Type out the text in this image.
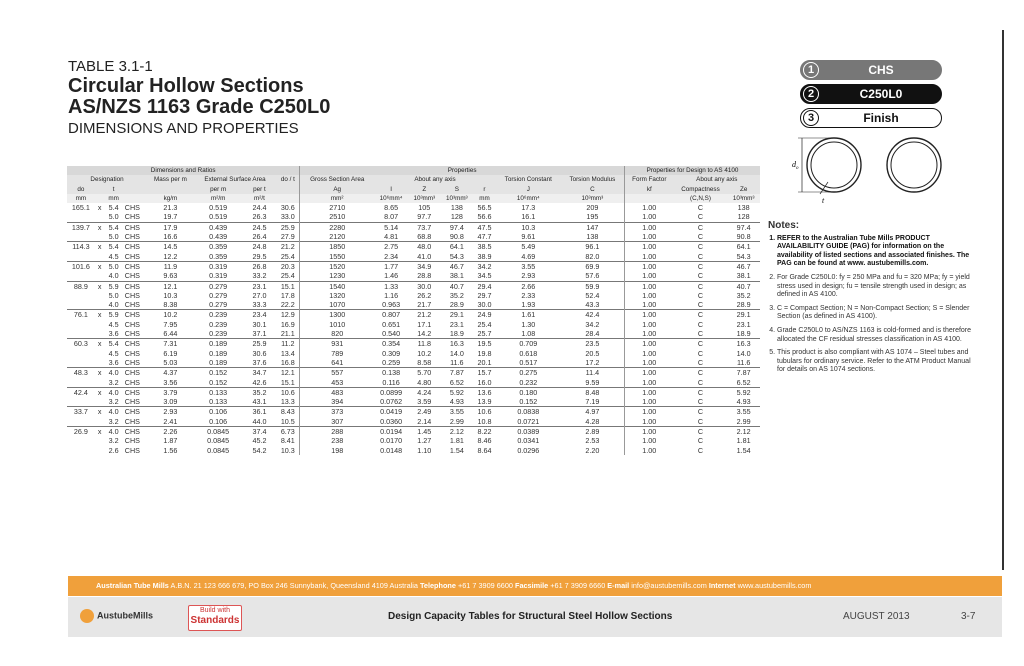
TABLE 3.1-1
Circular Hollow Sections
AS/NZS 1163 Grade C250L0
DIMENSIONS AND PROPERTIES
1	CHS
2	C250L0
3	Finish
$d_o$
t
Notes:
1. REFER to the Australian Tube Mills PRODUCT AVAILABILITY GUIDE (PAG) for information on the availability of listed sections and associated finishes. The PAG can be found at www. austubemills.com.
2. For Grade C250L0: fy = 250 MPa and fu = 320 MPa; fy = yield stress used in design; fu = tensile strength used in design; as defined in AS 4100.
3. C = Compact Section; N = Non-Compact Section; S = Slender Section (as defined in AS 4100).
4. Grade C250L0 to AS/NZS 1163 is cold-formed and is therefore allocated the CF residual stresses classification in AS 4100.
5. This product is also compliant with AS 1074 – Steel tubes and tubulars for ordinary service. Refer to the ATM Product Manual for details on AS 1074 sections.
Dimensions and Ratios								Properties							Properties for Design to AS 4100		
Designation				Mass per m	External Surface Area		do / t	Gross Section Area	About any axis				Torsion Constant	Torsion Modulus	Form Factor	About any axis	
do		t			per m	per t		Ag	I	Z	S	r	J	C	kf	Compactness	Ze
mm		mm		kg/m	m²/m	m²/t		mm²	10⁶mm⁴	10³mm³	10³mm³	mm	10⁶mm⁴	10³mm³		(C,N,S)	10³mm³
165.1	x	5.4	CHS	21.3	0.519	24.4	30.6	2710	8.65	105	138	56.5	17.3	209	1.00	C	138
		5.0	CHS	19.7	0.519	26.3	33.0	2510	8.07	97.7	128	56.6	16.1	195	1.00	C	128
139.7	x	5.4	CHS	17.9	0.439	24.5	25.9	2280	5.14	73.7	97.4	47.5	10.3	147	1.00	C	97.4
		5.0	CHS	16.6	0.439	26.4	27.9	2120	4.81	68.8	90.8	47.7	9.61	138	1.00	C	90.8
114.3	x	5.4	CHS	14.5	0.359	24.8	21.2	1850	2.75	48.0	64.1	38.5	5.49	96.1	1.00	C	64.1
		4.5	CHS	12.2	0.359	29.5	25.4	1550	2.34	41.0	54.3	38.9	4.69	82.0	1.00	C	54.3
101.6	x	5.0	CHS	11.9	0.319	26.8	20.3	1520	1.77	34.9	46.7	34.2	3.55	69.9	1.00	C	46.7
		4.0	CHS	9.63	0.319	33.2	25.4	1230	1.46	28.8	38.1	34.5	2.93	57.6	1.00	C	38.1
88.9	x	5.9	CHS	12.1	0.279	23.1	15.1	1540	1.33	30.0	40.7	29.4	2.66	59.9	1.00	C	40.7
		5.0	CHS	10.3	0.279	27.0	17.8	1320	1.16	26.2	35.2	29.7	2.33	52.4	1.00	C	35.2
		4.0	CHS	8.38	0.279	33.3	22.2	1070	0.963	21.7	28.9	30.0	1.93	43.3	1.00	C	28.9
76.1	x	5.9	CHS	10.2	0.239	23.4	12.9	1300	0.807	21.2	29.1	24.9	1.61	42.4	1.00	C	29.1
		4.5	CHS	7.95	0.239	30.1	16.9	1010	0.651	17.1	23.1	25.4	1.30	34.2	1.00	C	23.1
		3.6	CHS	6.44	0.239	37.1	21.1	820	0.540	14.2	18.9	25.7	1.08	28.4	1.00	C	18.9
60.3	x	5.4	CHS	7.31	0.189	25.9	11.2	931	0.354	11.8	16.3	19.5	0.709	23.5	1.00	C	16.3
		4.5	CHS	6.19	0.189	30.6	13.4	789	0.309	10.2	14.0	19.8	0.618	20.5	1.00	C	14.0
		3.6	CHS	5.03	0.189	37.6	16.8	641	0.259	8.58	11.6	20.1	0.517	17.2	1.00	C	11.6
48.3	x	4.0	CHS	4.37	0.152	34.7	12.1	557	0.138	5.70	7.87	15.7	0.275	11.4	1.00	C	7.87
		3.2	CHS	3.56	0.152	42.6	15.1	453	0.116	4.80	6.52	16.0	0.232	9.59	1.00	C	6.52
42.4	x	4.0	CHS	3.79	0.133	35.2	10.6	483	0.0899	4.24	5.92	13.6	0.180	8.48	1.00	C	5.92
		3.2	CHS	3.09	0.133	43.1	13.3	394	0.0762	3.59	4.93	13.9	0.152	7.19	1.00	C	4.93
33.7	x	4.0	CHS	2.93	0.106	36.1	8.43	373	0.0419	2.49	3.55	10.6	0.0838	4.97	1.00	C	3.55
		3.2	CHS	2.41	0.106	44.0	10.5	307	0.0360	2.14	2.99	10.8	0.0721	4.28	1.00	C	2.99
26.9	x	4.0	CHS	2.26	0.0845	37.4	6.73	288	0.0194	1.45	2.12	8.22	0.0389	2.89	1.00	C	2.12
		3.2	CHS	1.87	0.0845	45.2	8.41	238	0.0170	1.27	1.81	8.46	0.0341	2.53	1.00	C	1.81
		2.6	CHS	1.56	0.0845	54.2	10.3	198	0.0148	1.10	1.54	8.64	0.0296	2.20	1.00	C	1.54
Australian Tube Mills A.B.N. 21 123 666 679, PO Box 246 Sunnybank, Queensland 4109 Australia Telephone +61 7 3909 6600 Facsimile +61 7 3909 6660 E-mail info@austubemills.com Internet www.austubemills.com
AustubeMills	Build with
Standards	Design Capacity Tables for Structural Steel Hollow Sections	AUGUST 2013	3-7
